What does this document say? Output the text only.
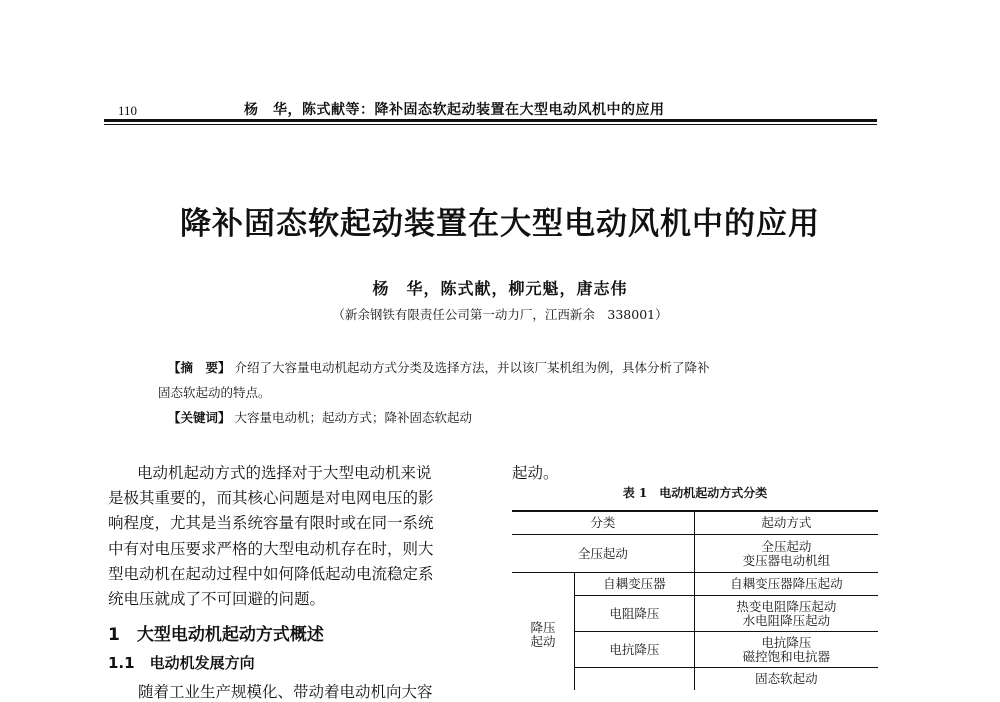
110	杨　华，陈式献等：降补固态软起动装置在大型电动风机中的应用
降补固态软起动装置在大型电动风机中的应用
杨　华，陈式献，柳元魁，唐志伟
（新余钢铁有限责任公司第一动力厂，江西新余　338001）
【摘　要】 介绍了大容量电动机起动方式分类及选择方法，并以该厂某机组为例，具体分析了降补
固态软起动的特点。
【关键词】 大容量电动机；起动方式；降补固态软起动
电动机起动方式的选择对于大型电动机来说
是极其重要的，而其核心问题是对电网电压的影
响程度，尤其是当系统容量有限时或在同一系统
中有对电压要求严格的大型电动机存在时，则大
型电动机在起动过程中如何降低起动电流稳定系
统电压就成了不可回避的问题。
1　大型电动机起动方式概述
1.1　电动机发展方向
随着工业生产规模化、带动着电动机向大容
起动。
表 1　电动机起动方式分类
分类		起动方式
全压起动		全压起动
变压器电动机组

降压起动	自耦变压器	自耦变压器降压起动
	电阻降压	热变电阻降压起动
水电阻降压起动

	电抗降压	电抗降压
磁控饱和电抗器

		固态软起动
